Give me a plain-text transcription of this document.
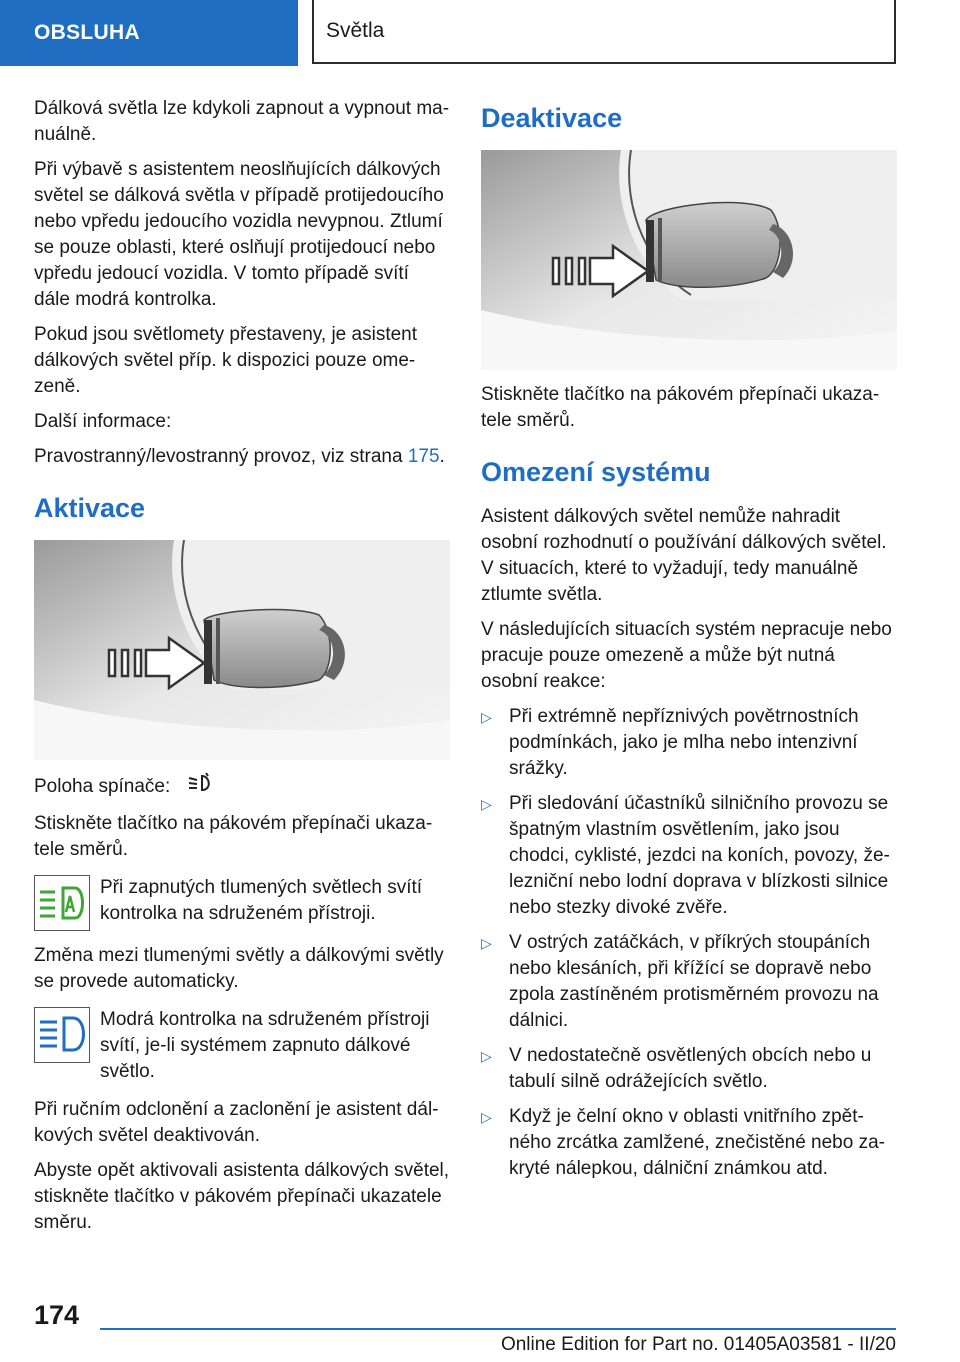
OBSLUHA	Světla

Dálková světla lze kdykoli zapnout a vypnout ma-nuálně.

Při výbavě s asistentem neoslňujících dálkových světel se dálková světla v případě protijedoucího nebo vpředu jedoucího vozidla nevypnou. Ztlumí se pouze oblasti, které oslňují protijedoucí nebo vpředu jedoucí vozidla. V tomto případě svítí dále modrá kontrolka.

Pokud jsou světlomety přestaveny, je asistent dálkových světel příp. k dispozici pouze ome-zeně.

Další informace:

Pravostranný/levostranný provoz, viz strana 175.

Aktivace

Poloha spínače:

Stiskněte tlačítko na pákovém přepínači ukaza-tele směrů.

Při zapnutých tlumených světlech svítí kontrolka na sdruženém přístroji.

Změna mezi tlumenými světly a dálkovými světly se provede automaticky.

Modrá kontrolka na sdruženém přístroji svítí, je-li systémem zapnuto dálkové světlo.

Při ručním odclonění a zaclonění je asistent dál-kových světel deaktivován.

Abyste opět aktivovali asistenta dálkových světel, stiskněte tlačítko v pákovém přepínači ukazatele směru.

Deaktivace

Stiskněte tlačítko na pákovém přepínači ukaza-tele směrů.

Omezení systému

Asistent dálkových světel nemůže nahradit osobní rozhodnutí o používání dálkových světel. V situacích, které to vyžadují, tedy manuálně ztlumte světla.

V následujících situacích systém nepracuje nebo pracuje pouze omezeně a může být nutná osobní reakce:

▷ Při extrémně nepříznivých povětrnostních podmínkách, jako je mlha nebo intenzivní srážky.
▷ Při sledování účastníků silničního provozu se špatným vlastním osvětlením, jako jsou chodci, cyklisté, jezdci na koních, povozy, že-lezniční nebo lodní doprava v blízkosti silnice nebo stezky divoké zvěře.
▷ V ostrých zatáčkách, v příkrých stoupáních nebo klesáních, při křížící se dopravě nebo zpola zastíněném protisměrném provozu na dálnici.
▷ V nedostatečně osvětlených obcích nebo u tabulí silně odrážejících světlo.
▷ Když je čelní okno v oblasti vnitřního zpět-ného zrcátka zamlžené, znečistěné nebo za-kryté nálepkou, dálniční známkou atd.
174
Online Edition for Part no. 01405A03581 - II/20
